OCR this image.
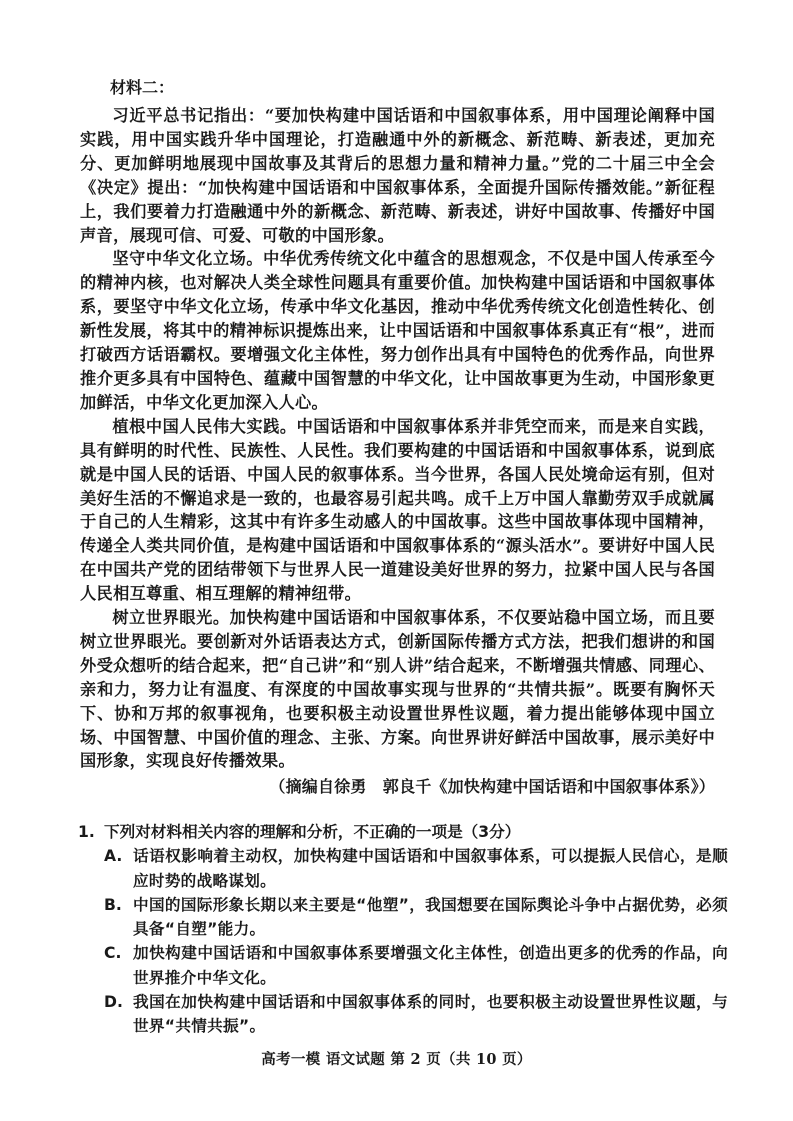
材料二：

习近平总书记指出：“要加快构建中国话语和中国叙事体系，用中国理论阐释中国实践，用中国实践升华中国理论，打造融通中外的新概念、新范畴、新表述，更加充分、更加鲜明地展现中国故事及其背后的思想力量和精神力量。”党的二十届三中全会《决定》提出：“加快构建中国话语和中国叙事体系，全面提升国际传播效能。”新征程上，我们要着力打造融通中外的新概念、新范畴、新表述，讲好中国故事、传播好中国声音，展现可信、可爱、可敬的中国形象。

坚守中华文化立场。中华优秀传统文化中蕴含的思想观念，不仅是中国人传承至今的精神内核，也对解决人类全球性问题具有重要价值。加快构建中国话语和中国叙事体系，要坚守中华文化立场，传承中华文化基因，推动中华优秀传统文化创造性转化、创新性发展，将其中的精神标识提炼出来，让中国话语和中国叙事体系真正有“根”，进而打破西方话语霸权。要增强文化主体性，努力创作出具有中国特色的优秀作品，向世界推介更多具有中国特色、蕴藏中国智慧的中华文化，让中国故事更为生动，中国形象更加鲜活，中华文化更加深入人心。

植根中国人民伟大实践。中国话语和中国叙事体系并非凭空而来，而是来自实践，具有鲜明的时代性、民族性、人民性。我们要构建的中国话语和中国叙事体系，说到底就是中国人民的话语、中国人民的叙事体系。当今世界，各国人民处境命运有别，但对美好生活的不懈追求是一致的，也最容易引起共鸣。成千上万中国人靠勤劳双手成就属于自己的人生精彩，这其中有许多生动感人的中国故事。这些中国故事体现中国精神，传递全人类共同价值，是构建中国话语和中国叙事体系的“源头活水”。要讲好中国人民在中国共产党的团结带领下与世界人民一道建设美好世界的努力，拉紧中国人民与各国人民相互尊重、相互理解的精神纽带。

树立世界眼光。加快构建中国话语和中国叙事体系，不仅要站稳中国立场，而且要树立世界眼光。要创新对外话语表达方式，创新国际传播方式方法，把我们想讲的和国外受众想听的结合起来，把“自己讲”和“别人讲”结合起来，不断增强共情感、同理心、亲和力，努力让有温度、有深度的中国故事实现与世界的“共情共振”。既要有胸怀天下、协和万邦的叙事视角，也要积极主动设置世界性议题，着力提出能够体现中国立场、中国智慧、中国价值的理念、主张、方案。向世界讲好鲜活中国故事，展示美好中国形象，实现良好传播效果。

（摘编自徐勇　郭良千《加快构建中国话语和中国叙事体系》）
1. 下列对材料相关内容的理解和分析，不正确的一项是（3分）
A. 话语权影响着主动权，加快构建中国话语和中国叙事体系，可以提振人民信心，是顺应时势的战略谋划。
B. 中国的国际形象长期以来主要是“他塑”，我国想要在国际舆论斗争中占据优势，必须具备“自塑”能力。
C. 加快构建中国话语和中国叙事体系要增强文化主体性，创造出更多的优秀的作品，向世界推介中华文化。
D. 我国在加快构建中国话语和中国叙事体系的同时，也要积极主动设置世界性议题，与世界“共情共振”。
高考一模 语文试题 第 2 页（共 10 页）
